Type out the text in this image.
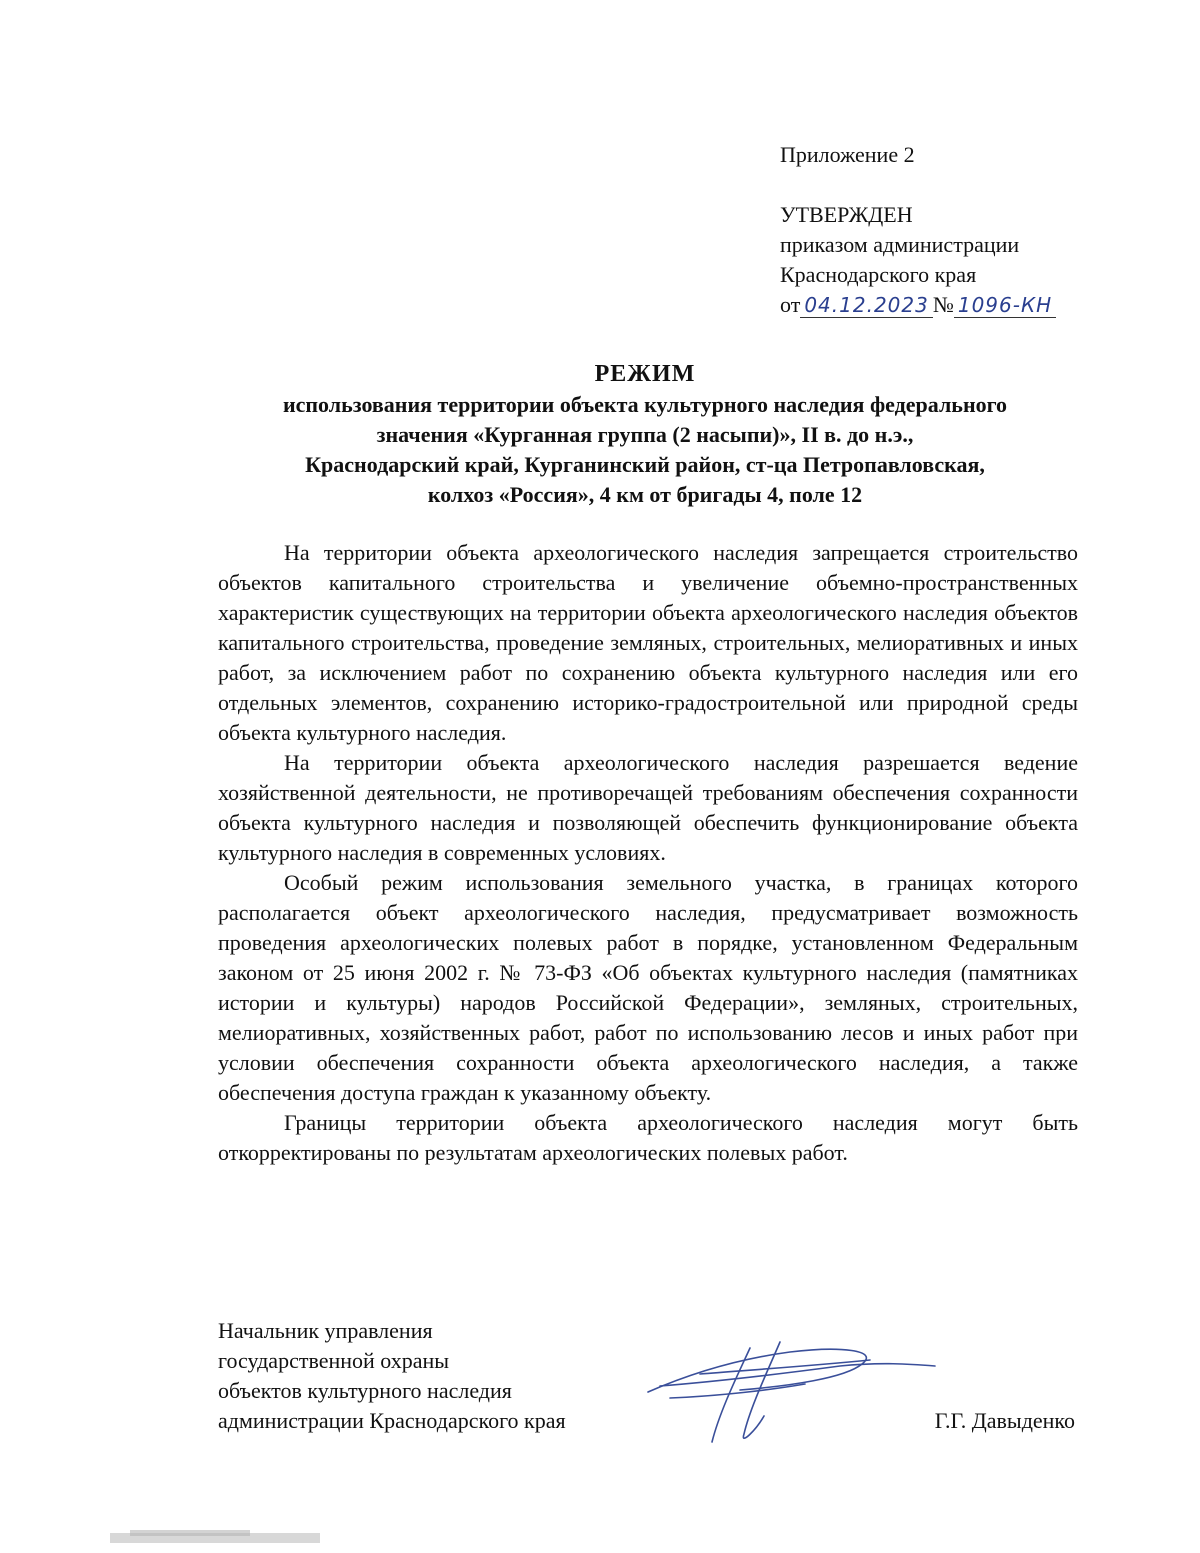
Приложение 2
УТВЕРЖДЕН
приказом администрации
Краснодарского края
от 04.12.2023 № 1096-КН
РЕЖИМ
использования территории объекта культурного наследия федерального
значения «Курганная группа (2 насыпи)», II в. до н.э.,
Краснодарский край, Курганинский район, ст-ца Петропавловская,
колхоз «Россия», 4 км от бригады 4, поле 12

На территории объекта археологического наследия запрещается строительство объектов капитального строительства и увеличение объемно-пространственных характеристик существующих на территории объекта археологического наследия объектов капитального строительства, проведение земляных, строительных, мелиоративных и иных работ, за исключением работ по сохранению объекта культурного наследия или его отдельных элементов, сохранению историко-градостроительной или природной среды объекта культурного наследия.

На территории объекта археологического наследия разрешается ведение хозяйственной деятельности, не противоречащей требованиям обеспечения сохранности объекта культурного наследия и позволяющей обеспечить функционирование объекта культурного наследия в современных условиях.

Особый режим использования земельного участка, в границах которого располагается объект археологического наследия, предусматривает возможность проведения археологических полевых работ в порядке, установленном Федеральным законом от 25 июня 2002 г. № 73-ФЗ «Об объектах культурного наследия (памятниках истории и культуры) народов Российской Федерации», земляных, строительных, мелиоративных, хозяйственных работ, работ по использованию лесов и иных работ при условии обеспечения сохранности объекта археологического наследия, а также обеспечения доступа граждан к указанному объекту.

Границы территории объекта археологического наследия могут быть откорректированы по результатам археологических полевых работ.

Начальник управления
государственной охраны
объектов культурного наследия
администрации Краснодарского края	Г.Г. Давыденко
